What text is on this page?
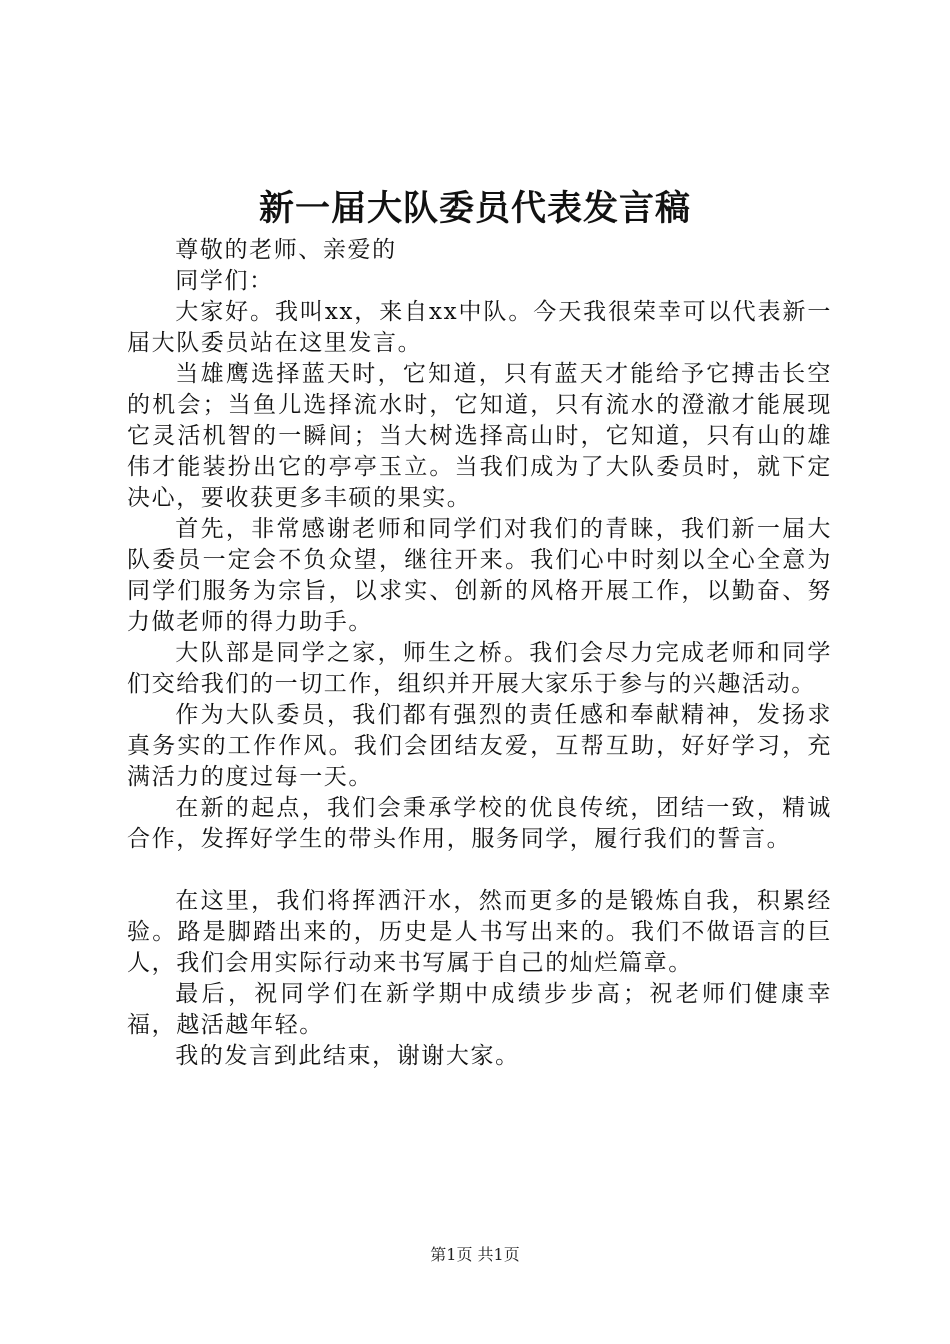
新一届大队委员代表发言稿

尊敬的老师、亲爱的

同学们：

大家好。我叫xx，来自xx中队。今天我很荣幸可以代表新一届大队委员站在这里发言。

当雄鹰选择蓝天时，它知道，只有蓝天才能给予它搏击长空的机会；当鱼儿选择流水时，它知道，只有流水的澄澈才能展现它灵活机智的一瞬间；当大树选择高山时，它知道，只有山的雄伟才能装扮出它的亭亭玉立。当我们成为了大队委员时，就下定决心，要收获更多丰硕的果实。

首先，非常感谢老师和同学们对我们的青睐，我们新一届大队委员一定会不负众望，继往开来。我们心中时刻以全心全意为同学们服务为宗旨，以求实、创新的风格开展工作，以勤奋、努力做老师的得力助手。

大队部是同学之家，师生之桥。我们会尽力完成老师和同学们交给我们的一切工作，组织并开展大家乐于参与的兴趣活动。

作为大队委员，我们都有强烈的责任感和奉献精神，发扬求真务实的工作作风。我们会团结友爱，互帮互助，好好学习，充满活力的度过每一天。

在新的起点，我们会秉承学校的优良传统，团结一致，精诚合作，发挥好学生的带头作用，服务同学，履行我们的誓言。

在这里，我们将挥洒汗水，然而更多的是锻炼自我，积累经验。路是脚踏出来的，历史是人书写出来的。我们不做语言的巨人，我们会用实际行动来书写属于自己的灿烂篇章。

最后，祝同学们在新学期中成绩步步高；祝老师们健康幸福，越活越年轻。

我的发言到此结束，谢谢大家。

第1页 共1页
